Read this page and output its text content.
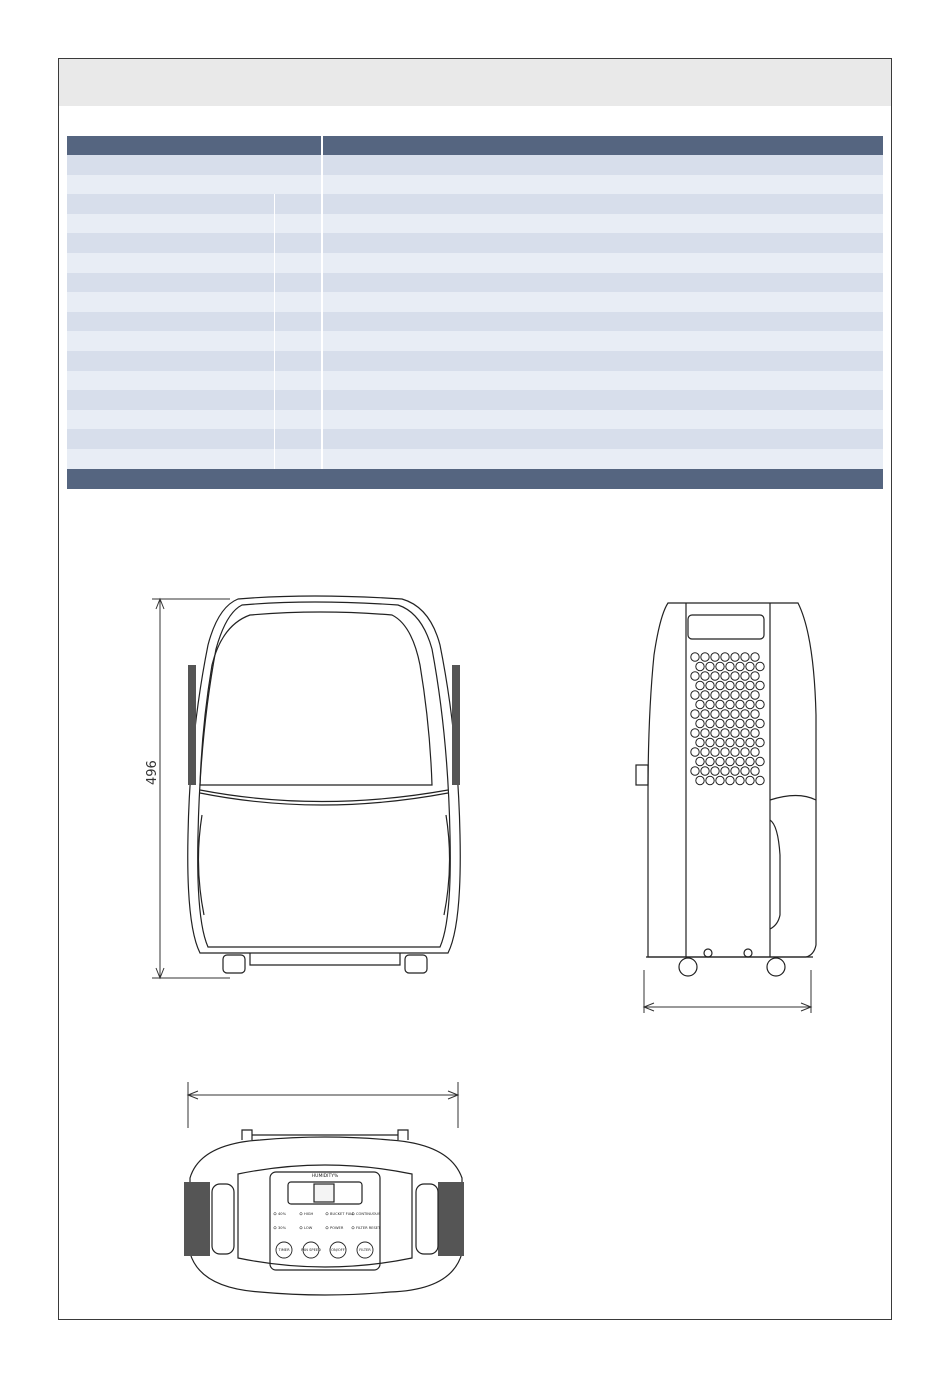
496
HUMIDITY%
40%	HIGH	BUCKET FULL CONTINUOUS
30%	LOW	POWER	FILTER RESET
TIMER	FAN SPEED	ON/OFF	FILTER
